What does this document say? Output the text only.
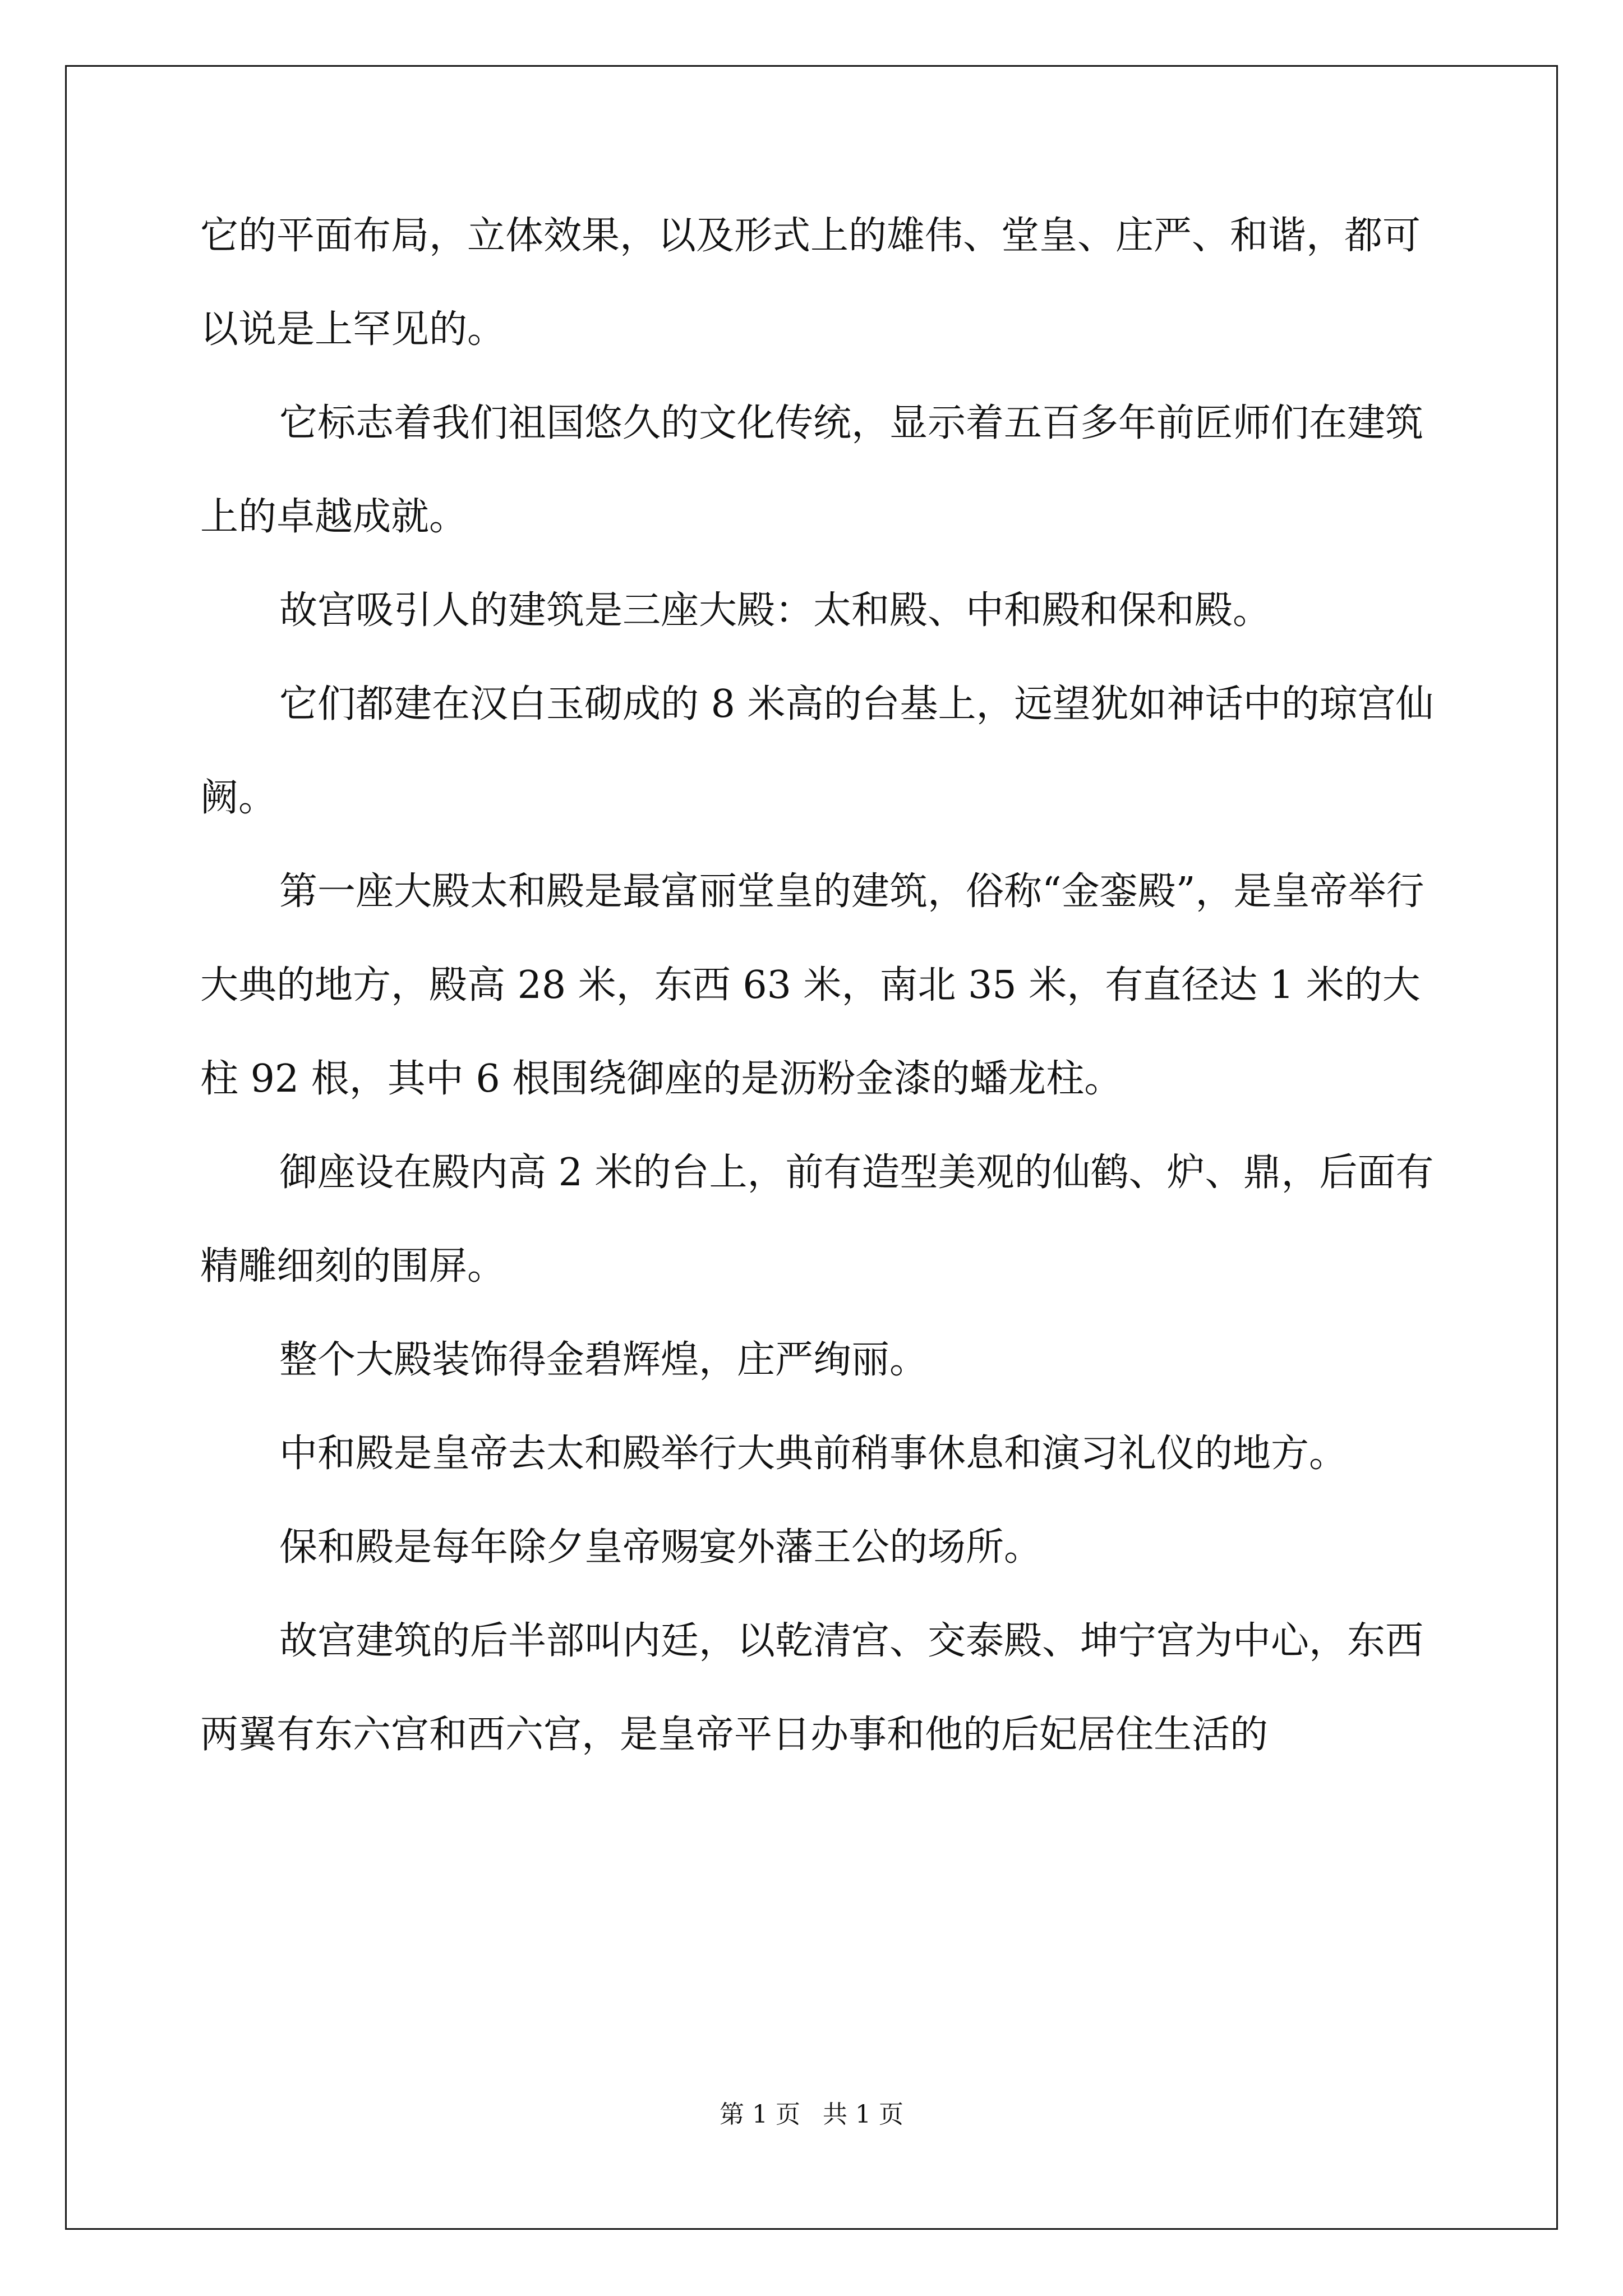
它的平面布局，立体效果，以及形式上的雄伟、堂皇、庄严、和谐，都可以说是上罕见的。

它标志着我们祖国悠久的文化传统，显示着五百多年前匠师们在建筑上的卓越成就。

故宫吸引人的建筑是三座大殿：太和殿、中和殿和保和殿。

它们都建在汉白玉砌成的 8 米高的台基上，远望犹如神话中的琼宫仙阙。

第一座大殿太和殿是最富丽堂皇的建筑，俗称“金銮殿”，是皇帝举行大典的地方，殿高 28 米，东西 63 米，南北 35 米，有直径达 1 米的大柱 92 根，其中 6 根围绕御座的是沥粉金漆的蟠龙柱。

御座设在殿内高 2 米的台上，前有造型美观的仙鹤、炉、鼎，后面有精雕细刻的围屏。

整个大殿装饰得金碧辉煌，庄严绚丽。

中和殿是皇帝去太和殿举行大典前稍事休息和演习礼仪的地方。

保和殿是每年除夕皇帝赐宴外藩王公的场所。

故宫建筑的后半部叫内廷，以乾清宫、交泰殿、坤宁宫为中心，东西两翼有东六宫和西六宫，是皇帝平日办事和他的后妃居住生活的

第 1 页 共 1 页
